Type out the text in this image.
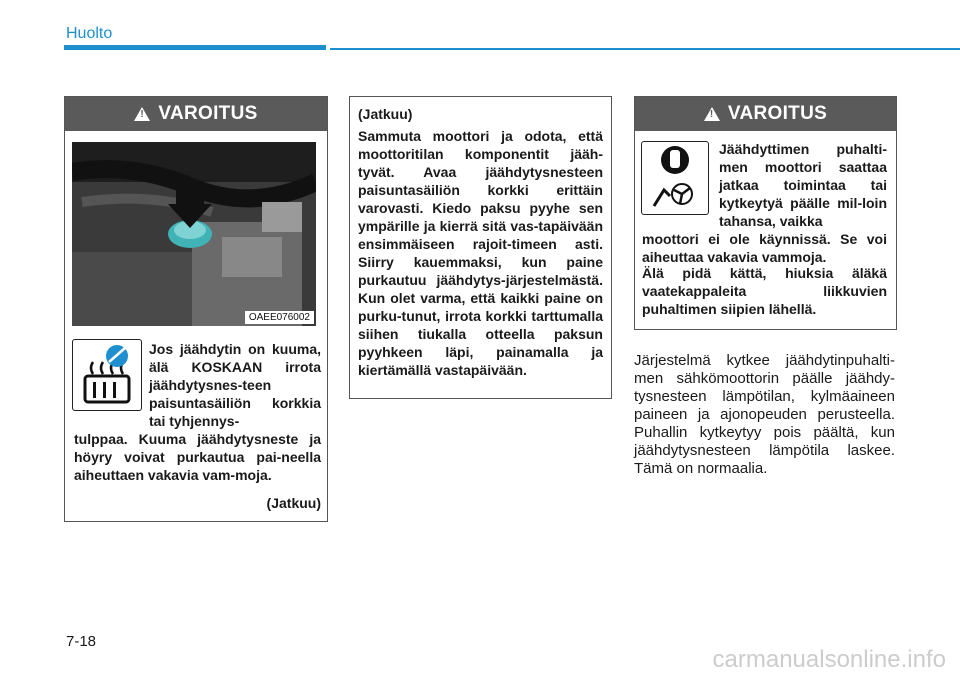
Huolto
!
VAROITUS
OAEE076002
Jos jäähdytin on kuuma, älä KOSKAAN irrota jäähdytysnes-teen paisuntasäiliön korkkia tai tyhjennys-
tulppaa. Kuuma jäähdytysneste ja höyry voivat purkautua pai-neella aiheuttaen vakavia vam-moja.
(Jatkuu)
(Jatkuu)
Sammuta moottori ja odota, että moottoritilan komponentit jääh-tyvät. Avaa jäähdytysnesteen paisuntasäiliön korkki erittäin varovasti. Kiedo paksu pyyhe sen ympärille ja kierrä sitä vas-tapäivään ensimmäiseen rajoit-timeen asti. Siirry kauemmaksi, kun paine purkautuu jäähdytys-järjestelmästä. Kun olet varma, että kaikki paine on purku-tunut, irrota korkki tarttumalla siihen tiukalla otteella paksun pyyhkeen läpi, painamalla ja kiertämällä vastapäivään.
!
VAROITUS
Jäähdyttimen puhalti-men moottori saattaa jatkaa toimintaa tai kytkeytyä päälle mil-loin tahansa, vaikka
moottori ei ole käynnissä. Se voi aiheuttaa vakavia vammoja.
Älä pidä kättä, hiuksia äläkä vaatekappaleita liikkuvien puhaltimen siipien lähellä.
Järjestelmä kytkee jäähdytinpuhalti-men sähkömoottorin päälle jäähdy-tysnesteen lämpötilan, kylmäaineen paineen ja ajonopeuden perusteella. Puhallin kytkeytyy pois päältä, kun jäähdytysnesteen lämpötila laskee. Tämä on normaalia.
7-18
carmanualsonline.info
